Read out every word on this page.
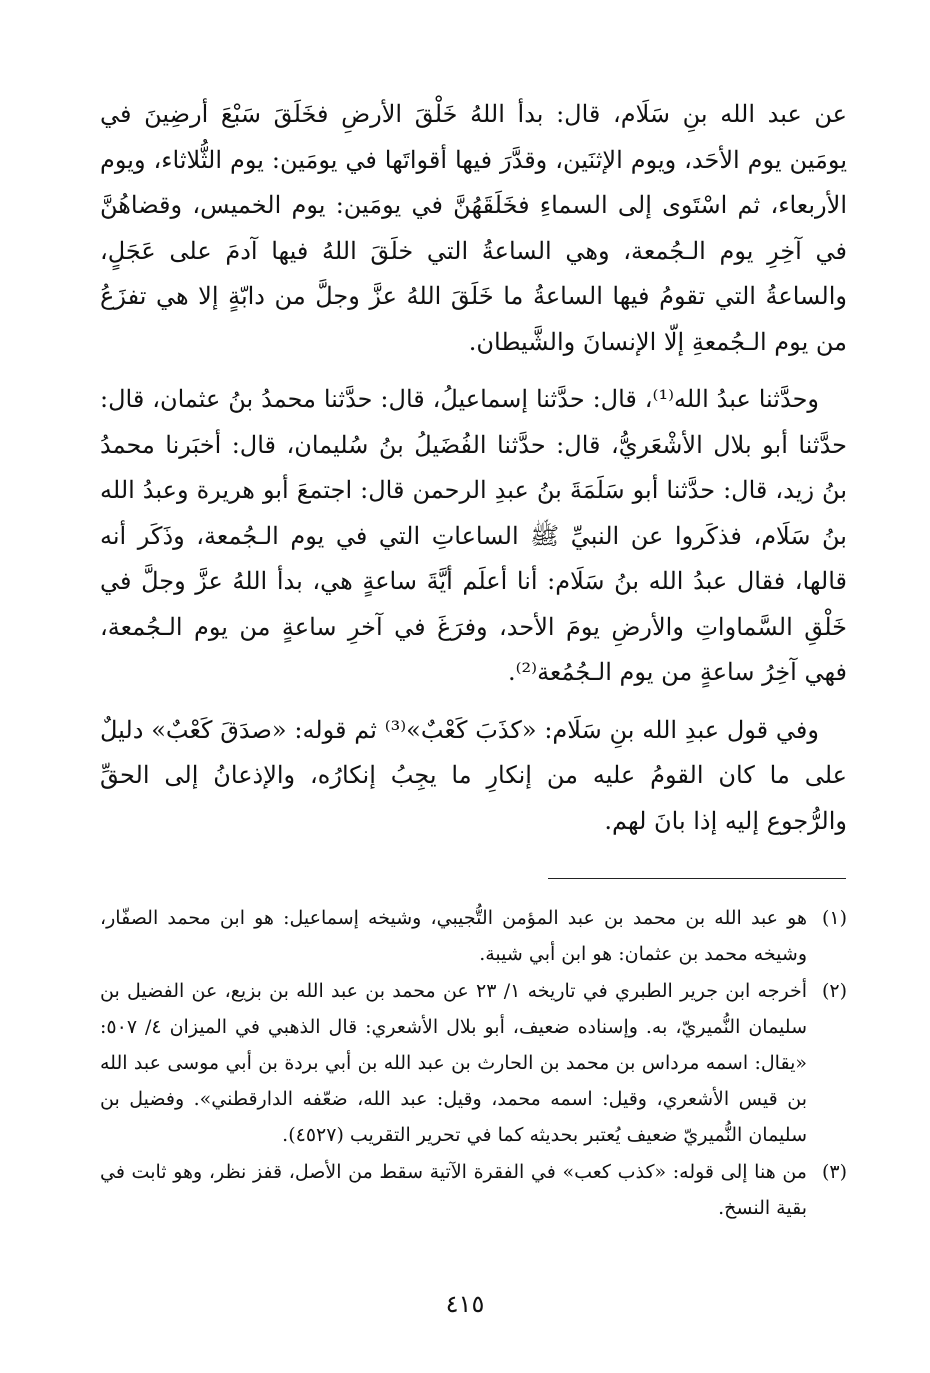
عن عبد الله بنِ سَلَام، قال: بدأ اللهُ خَلْقَ الأرضِ فخَلَقَ سَبْعَ أرضِينَ في يومَين يوم الأحَد، ويوم الإثنَين، وقدَّرَ فيها أقواتَها في يومَين: يوم الثُّلاثاء، ويوم الأربعاء، ثم اسْتَوى إلى السماءِ فخَلَقَهُنَّ في يومَين: يوم الخميس، وقضاهُنَّ في آخِرِ يوم الـجُمعة، وهي الساعةُ التي خلَقَ اللهُ فيها آدمَ على عَجَلٍ، والساعةُ التي تقومُ فيها الساعةُ ما خَلَقَ اللهُ عزَّ وجلَّ من دابّةٍ إلا هي تفزَعُ من يوم الـجُمعةِ إلّا الإنسانَ والشَّيطان.

وحدَّثنا عبدُ الله⁽¹⁾، قال: حدَّثنا إسماعيلُ، قال: حدَّثنا محمدُ بنُ عثمان، قال: حدَّثنا أبو بلال الأشْعَريُّ، قال: حدَّثنا الفُضَيلُ بنُ سُليمان، قال: أخبَرنا محمدُ بنُ زيد، قال: حدَّثنا أبو سَلَمَةَ بنُ عبدِ الرحمن قال: اجتمعَ أبو هريرة وعبدُ الله بنُ سَلَام، فذكَروا عن النبيِّ ﷺ الساعاتِ التي في يوم الـجُمعة، وذَكَر أنه قالها، فقال عبدُ الله بنُ سَلَام: أنا أعلَم أيَّةَ ساعةٍ هي، بدأ اللهُ عزَّ وجلَّ في خَلْقِ السَّماواتِ والأرضِ يومَ الأحد، وفرَغَ في آخرِ ساعةٍ من يوم الـجُمعة، فهي آخِرُ ساعةٍ من يوم الـجُمُعة⁽²⁾.

وفي قول عبدِ الله بنِ سَلَام: «كذَبَ كَعْبٌ»⁽³⁾ ثم قوله: «صدَقَ كَعْبٌ» دليلٌ على ما كان القومُ عليه من إنكارِ ما يجِبُ إنكارُه، والإذعانُ إلى الحقِّ والرُّجوع إليه إذا بانَ لهم.

(١)
هو عبد الله بن محمد بن عبد المؤمن التُّجيبي، وشيخه إسماعيل: هو ابن محمد الصفّار، وشيخه محمد بن عثمان: هو ابن أبي شيبة.
(٢)
أخرجه ابن جرير الطبري في تاريخه ١/ ٢٣ عن محمد بن عبد الله بن بزيع، عن الفضيل بن سليمان النُّميريّ، به. وإسناده ضعيف، أبو بلال الأشعري: قال الذهبي في الميزان ٤/ ٥٠٧: «يقال: اسمه مرداس بن محمد بن الحارث بن عبد الله بن أبي بردة بن أبي موسى عبد الله بن قيس الأشعري، وقيل: اسمه محمد، وقيل: عبد الله، ضعّفه الدارقطني». وفضيل بن سليمان النُّميريّ ضعيف يُعتبر بحديثه كما في تحرير التقريب (٤٥٢٧).
(٣)
من هنا إلى قوله: «كذب كعب» في الفقرة الآتية سقط من الأصل، قفز نظر، وهو ثابت في بقية النسخ.
٤١٥
